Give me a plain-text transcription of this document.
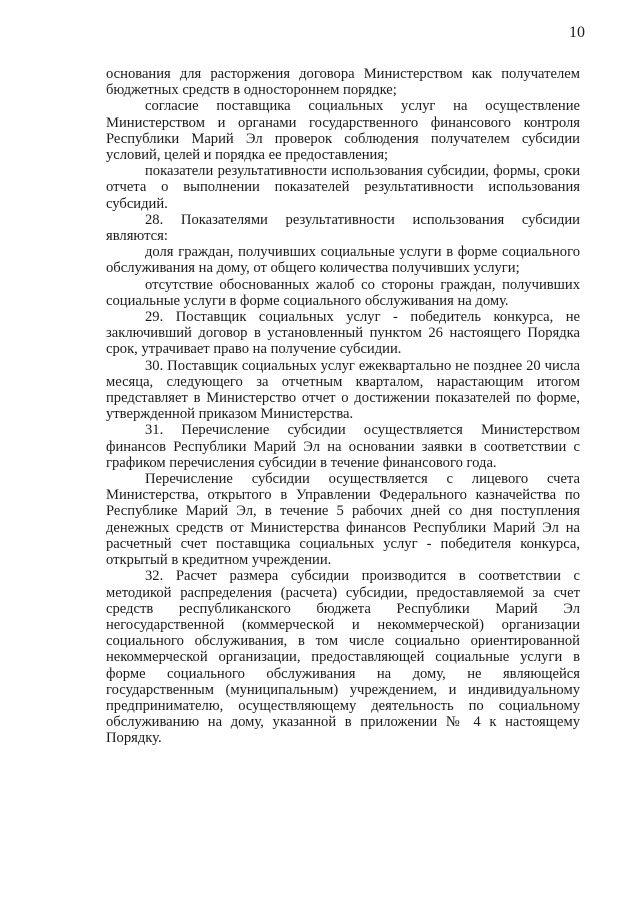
10

основания для расторжения договора Министерством как получателем бюджетных средств в одностороннем порядке;

согласие поставщика социальных услуг на осуществление Министерством и органами государственного финансового контроля Республики Марий Эл проверок соблюдения получателем субсидии условий, целей и порядка ее предоставления;

показатели результативности использования субсидии, формы, сроки отчета о выполнении показателей результативности использования субсидий.

28. Показателями результативности использования субсидии являются:

доля граждан, получивших социальные услуги в форме социального обслуживания на дому, от общего количества получивших услуги;

отсутствие обоснованных жалоб со стороны граждан, получивших социальные услуги в форме социального обслуживания на дому.

29. Поставщик социальных услуг - победитель конкурса, не заключивший договор в установленный пунктом 26 настоящего Порядка срок, утрачивает право на получение субсидии.

30. Поставщик социальных услуг ежеквартально не позднее 20 числа месяца, следующего за отчетным кварталом, нарастающим итогом представляет в Министерство отчет о достижении показателей по форме, утвержденной приказом Министерства.

31. Перечисление субсидии осуществляется Министерством финансов Республики Марий Эл на основании заявки в соответствии с графиком перечисления субсидии в течение финансового года.

Перечисление субсидии осуществляется с лицевого счета Министерства, открытого в Управлении Федерального казначейства по Республике Марий Эл, в течение 5 рабочих дней со дня поступления денежных средств от Министерства финансов Республики Марий Эл на расчетный счет поставщика социальных услуг - победителя конкурса, открытый в кредитном учреждении.

32. Расчет размера субсидии производится в соответствии с методикой распределения (расчета) субсидии, предоставляемой за счет средств республиканского бюджета Республики Марий Эл негосударственной (коммерческой и некоммерческой) организации социального обслуживания, в том числе социально ориентированной некоммерческой организации, предоставляющей социальные услуги в форме социального обслуживания на дому, не являющейся государственным (муниципальным) учреждением, и индивидуальному предпринимателю, осуществляющему деятельность по социальному обслуживанию на дому, указанной в приложении № 4 к настоящему Порядку.
